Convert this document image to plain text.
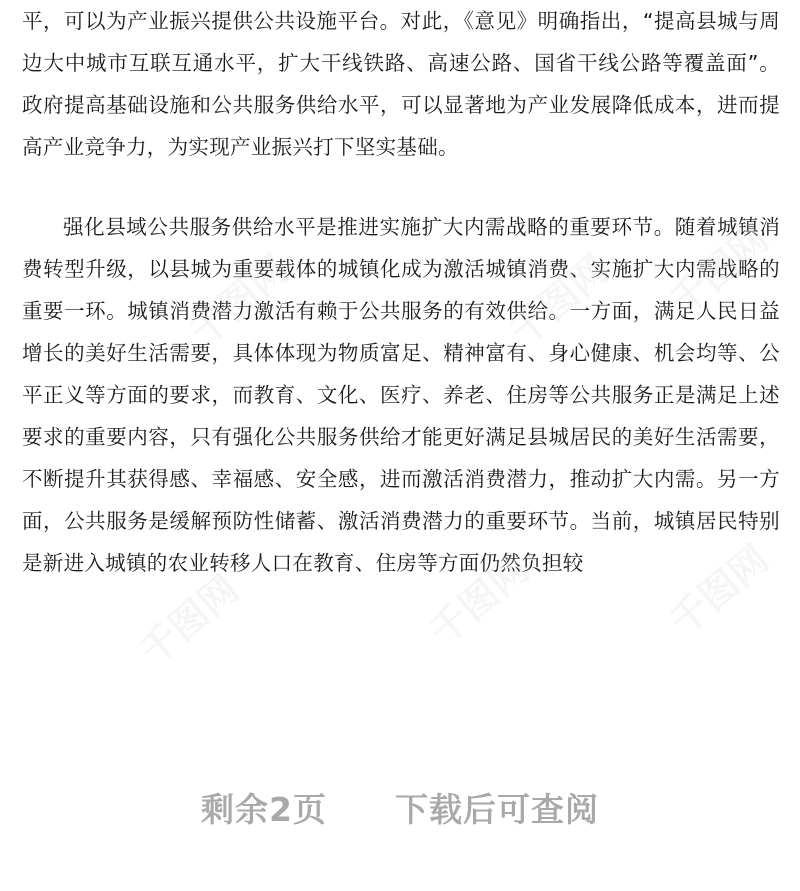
平，可以为产业振兴提供公共设施平台。对此，《意见》明确指出，“提高县城与周边大中城市互联互通水平，扩大干线铁路、高速公路、国省干线公路等覆盖面”。政府提高基础设施和公共服务供给水平，可以显著地为产业发展降低成本，进而提高产业竞争力，为实现产业振兴打下坚实基础。

强化县域公共服务供给水平是推进实施扩大内需战略的重要环节。随着城镇消费转型升级，以县城为重要载体的城镇化成为激活城镇消费、实施扩大内需战略的重要一环。城镇消费潜力激活有赖于公共服务的有效供给。一方面，满足人民日益增长的美好生活需要，具体体现为物质富足、精神富有、身心健康、机会均等、公平正义等方面的要求，而教育、文化、医疗、养老、住房等公共服务正是满足上述要求的重要内容，只有强化公共服务供给才能更好满足县城居民的美好生活需要，不断提升其获得感、幸福感、安全感，进而激活消费潜力，推动扩大内需。另一方面，公共服务是缓解预防性储蓄、激活消费潜力的重要环节。当前，城镇居民特别是新进入城镇的农业转移人口在教育、住房等方面仍然负担较

千图网	千图网 千图网
千图网	千图网	千图网
剩余2页 下载后可查阅
